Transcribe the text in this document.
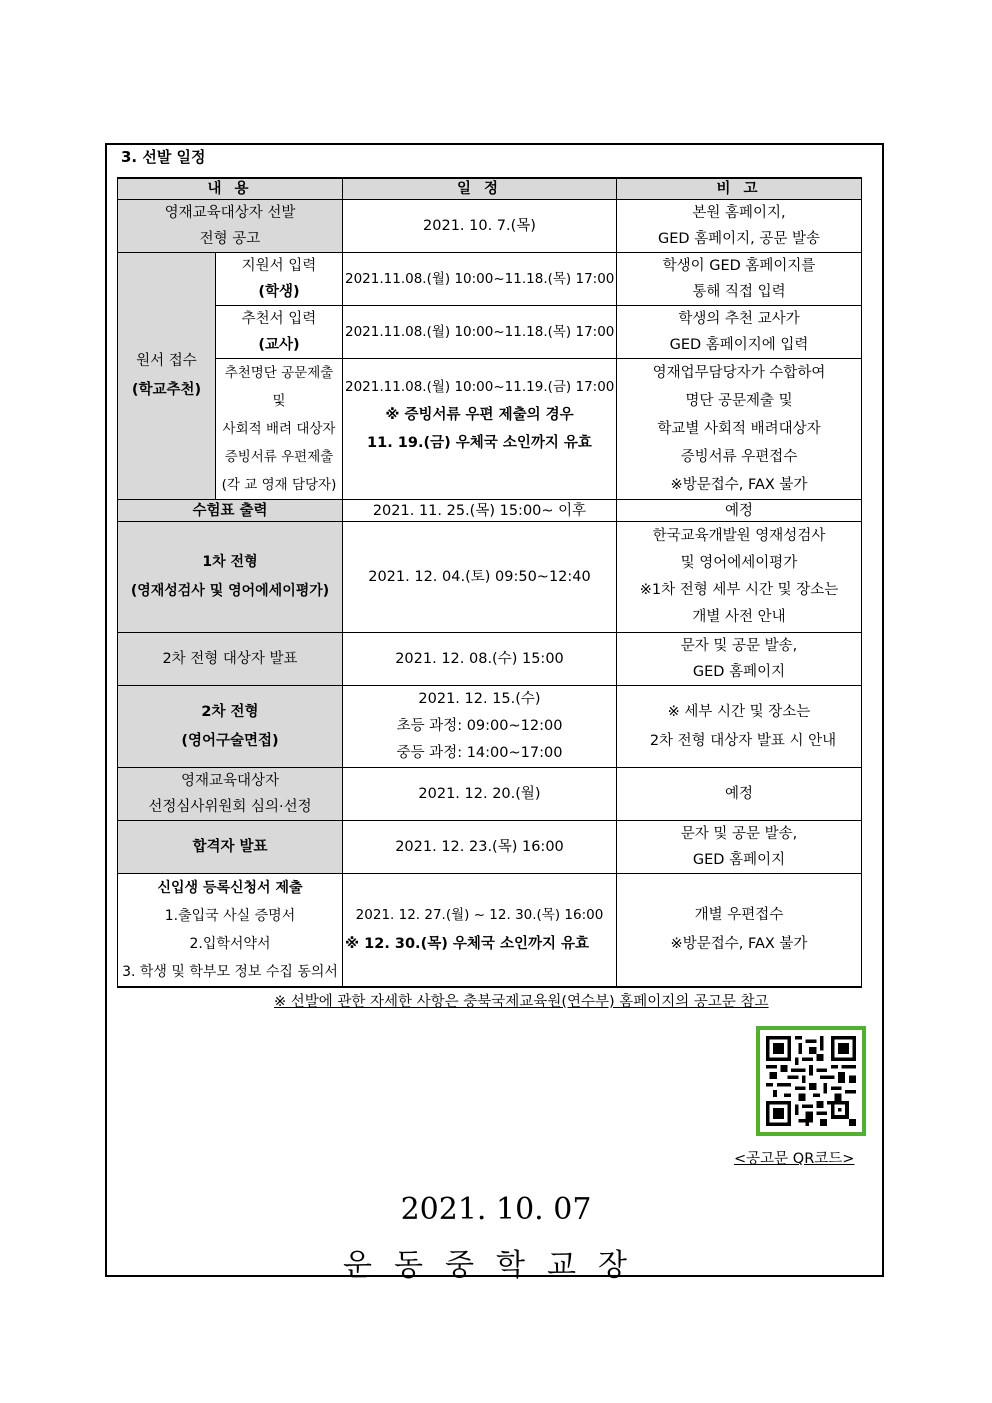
3. 선발 일정
내 용		일 정	비 고

영재교육대상자 선발
전형 공고		2021. 10. 7.(목)	본원 홈페이지,
GED 홈페이지, 공문 발송

원서 접수
(학교추천)	지원서 입력
(학생)	2021.11.08.(월) 10:00~11.18.(목) 17:00	학생이 GED 홈페이지를
통해 직접 입력

	추천서 입력
(교사)	2021.11.08.(월) 10:00~11.18.(목) 17:00	학생의 추천 교사가
GED 홈페이지에 입력

	추천명단 공문제출
및
사회적 배려 대상자
증빙서류 우편제출
(각 교 영재 담당자)	2021.11.08.(월) 10:00~11.19.(금) 17:00
※ 증빙서류 우편 제출의 경우
11. 19.(금) 우체국 소인까지 유효	영재업무담당자가 수합하여
명단 공문제출 및
학교별 사회적 배려대상자
증빙서류 우편접수
※방문접수, FAX 불가

수험표 출력		2021. 11. 25.(목) 15:00~ 이후	예정

1차 전형
(영재성검사 및 영어에세이평가)		2021. 12. 04.(토) 09:50~12:40	한국교육개발원 영재성검사
및 영어에세이평가
※1차 전형 세부 시간 및 장소는
개별 사전 안내

2차 전형 대상자 발표		2021. 12. 08.(수) 15:00	문자 및 공문 발송,
GED 홈페이지

2차 전형
(영어구술면접)		2021. 12. 15.(수)
초등 과정: 09:00~12:00
중등 과정: 14:00~17:00	※ 세부 시간 및 장소는
2차 전형 대상자 발표 시 안내

영재교육대상자
선정심사위원회 심의·선정		2021. 12. 20.(월)	예정
합격자 발표		2021. 12. 23.(목) 16:00	문자 및 공문 발송,
GED 홈페이지

신입생 등록신청서 제출
1.출입국 사실 증명서
2.입학서약서
3. 학생 및 학부모 정보 수집 동의서		2021. 12. 27.(월) ~ 12. 30.(목) 16:00
※ 12. 30.(목) 우체국 소인까지 유효	개별 우편접수
※방문접수, FAX 불가
※ 선발에 관한 자세한 사항은 충북국제교육원(연수부) 홈페이지의 공고문 참고
<공고문 QR코드>
2021. 10. 07
운동중학교장
